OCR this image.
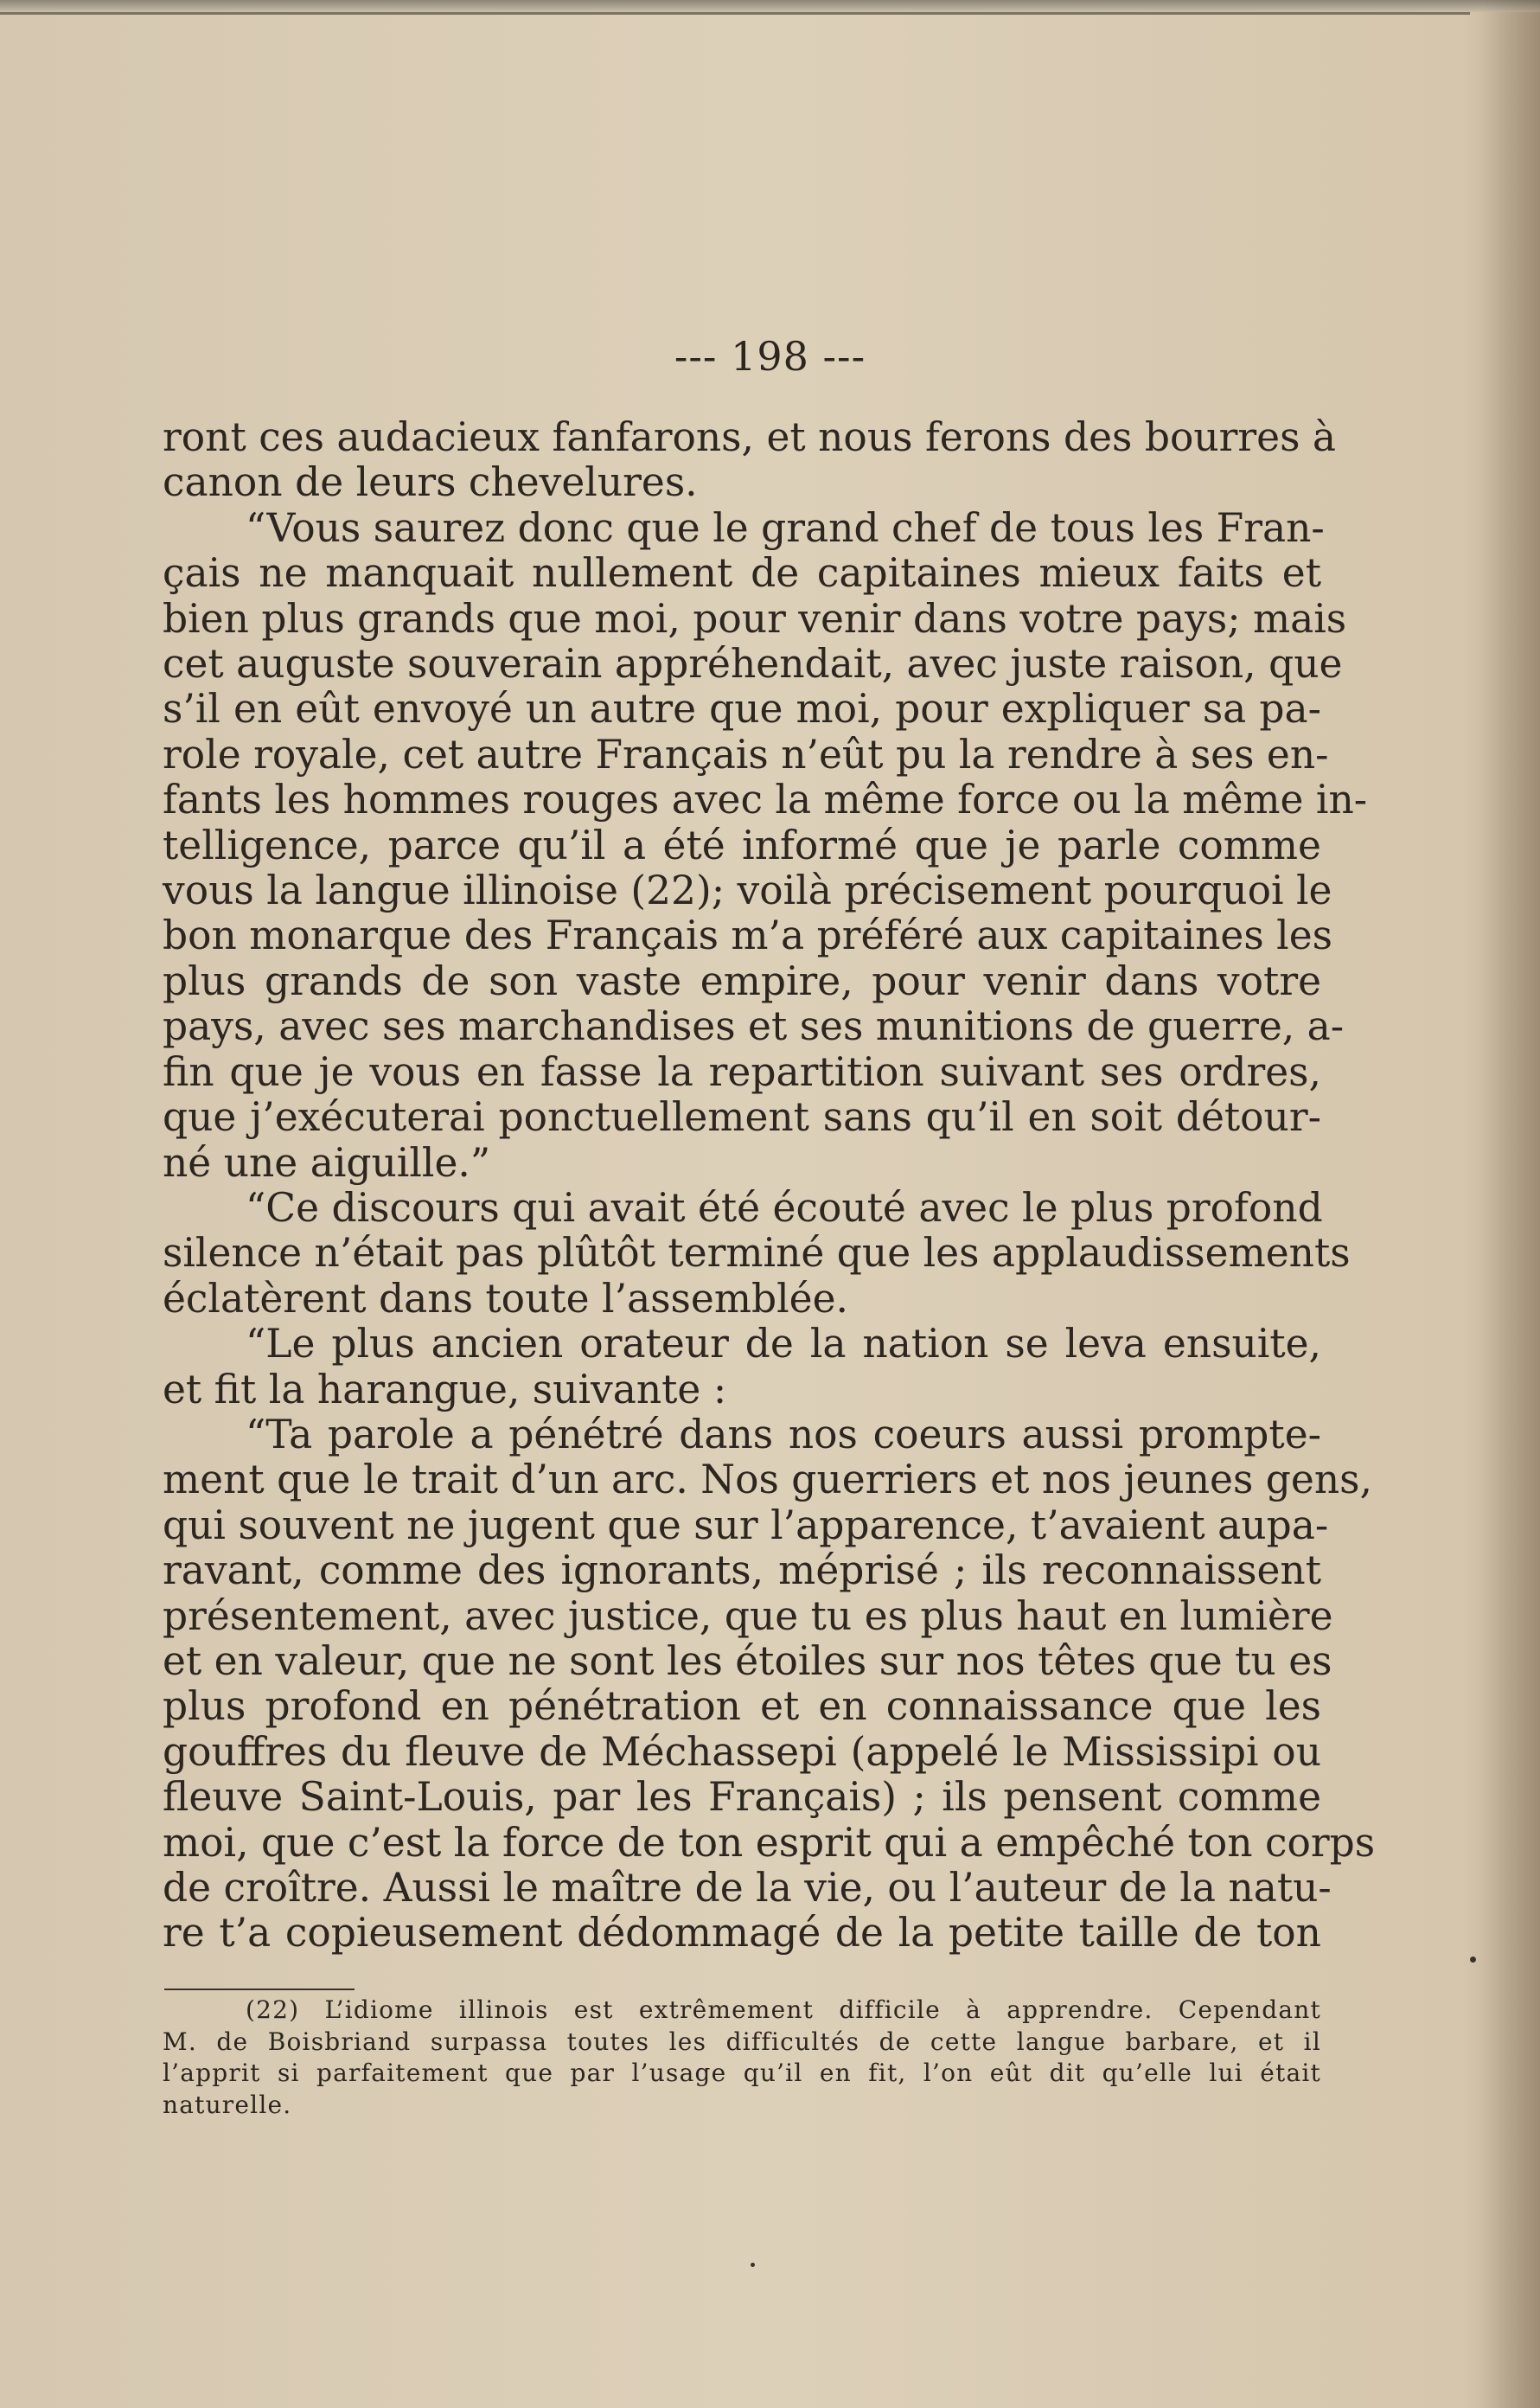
--- 198 ---
ront ces audacieux fanfarons, et nous ferons des bourres à
canon de leurs chevelures.
“Vous saurez donc que le grand chef de tous les Fran-
çais ne manquait nullement de capitaines mieux faits et
bien plus grands que moi, pour venir dans votre pays; mais
cet auguste souverain appréhendait, avec juste raison, que
s’il en eût envoyé un autre que moi, pour expliquer sa pa-
role royale, cet autre Français n’eût pu la rendre à ses en-
fants les hommes rouges avec la même force ou la même in-
telligence, parce qu’il a été informé que je parle comme
vous la langue illinoise (22); voilà précisement pourquoi le
bon monarque des Français m’a préféré aux capitaines les
plus grands de son vaste empire, pour venir dans votre
pays, avec ses marchandises et ses munitions de guerre, a-
fin que je vous en fasse la repartition suivant ses ordres,
que j’exécuterai ponctuellement sans qu’il en soit détour-
né une aiguille.”
“Ce discours qui avait été écouté avec le plus profond
silence n’était pas plûtôt terminé que les applaudissements
éclatèrent dans toute l’assemblée.
“Le plus ancien orateur de la nation se leva ensuite,
et fit la harangue, suivante :
“Ta parole a pénétré dans nos coeurs aussi prompte-
ment que le trait d’un arc. Nos guerriers et nos jeunes gens,
qui souvent ne jugent que sur l’apparence, t’avaient aupa-
ravant, comme des ignorants, méprisé ; ils reconnaissent
présentement, avec justice, que tu es plus haut en lumière
et en valeur, que ne sont les étoiles sur nos têtes que tu es
plus profond en pénétration et en connaissance que les
gouffres du fleuve de Méchassepi (appelé le Mississipi ou
fleuve Saint-Louis, par les Français) ; ils pensent comme
moi, que c’est la force de ton esprit qui a empêché ton corps
de croître. Aussi le maître de la vie, ou l’auteur de la natu-
re t’a copieusement dédommagé de la petite taille de ton
(22) L’idiome illinois est extrêmement difficile à apprendre. Cependant
M. de Boisbriand surpassa toutes les difficultés de cette langue barbare, et il
l’apprit si parfaitement que par l’usage qu’il en fit, l’on eût dit qu’elle lui était
naturelle.
